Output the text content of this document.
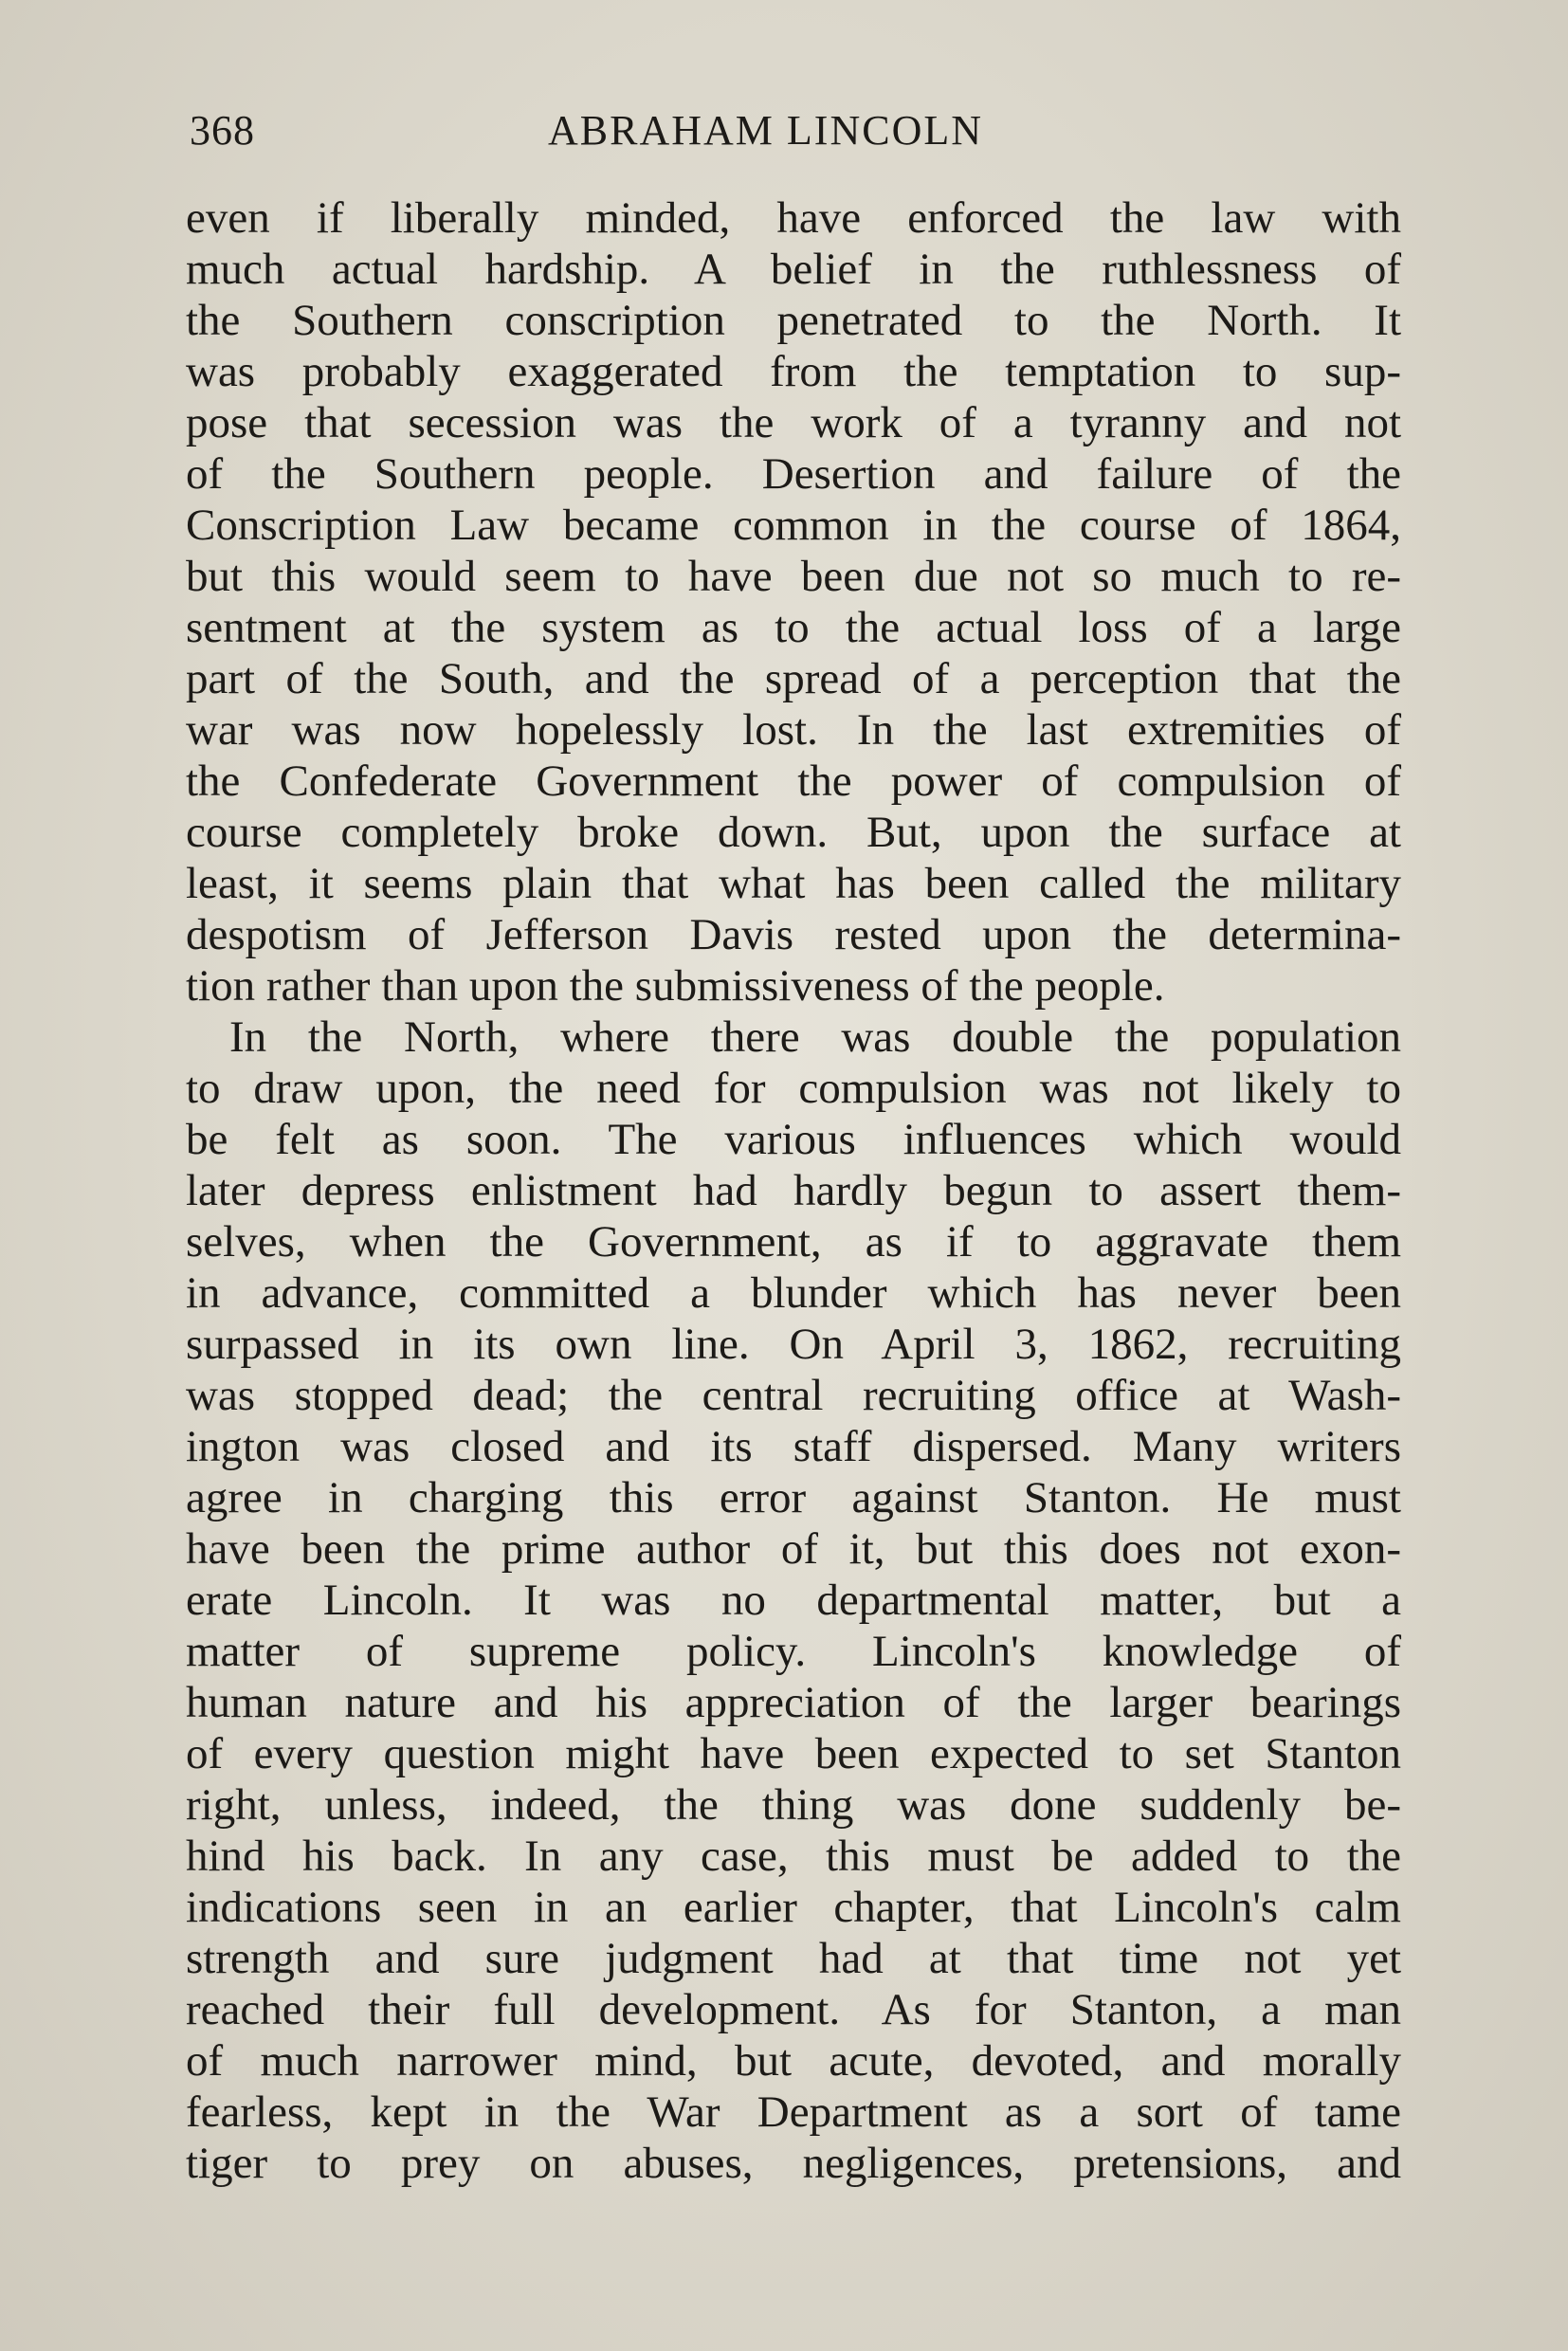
368	ABRAHAM LINCOLN
even if liberally minded, have enforced the law with
much actual hardship. A belief in the ruthlessness of
the Southern conscription penetrated to the North. It
was probably exaggerated from the temptation to sup-
pose that secession was the work of a tyranny and not
of the Southern people. Desertion and failure of the
Conscription Law became common in the course of 1864,
but this would seem to have been due not so much to re-
sentment at the system as to the actual loss of a large
part of the South, and the spread of a perception that the
war was now hopelessly lost. In the last extremities of
the Confederate Government the power of compulsion of
course completely broke down. But, upon the surface at
least, it seems plain that what has been called the military
despotism of Jefferson Davis rested upon the determina-
tion rather than upon the submissiveness of the people.
In the North, where there was double the population
to draw upon, the need for compulsion was not likely to
be felt as soon. The various influences which would
later depress enlistment had hardly begun to assert them-
selves, when the Government, as if to aggravate them
in advance, committed a blunder which has never been
surpassed in its own line. On April 3, 1862, recruiting
was stopped dead; the central recruiting office at Wash-
ington was closed and its staff dispersed. Many writers
agree in charging this error against Stanton. He must
have been the prime author of it, but this does not exon-
erate Lincoln. It was no departmental matter, but a
matter of supreme policy. Lincoln's knowledge of
human nature and his appreciation of the larger bearings
of every question might have been expected to set Stanton
right, unless, indeed, the thing was done suddenly be-
hind his back. In any case, this must be added to the
indications seen in an earlier chapter, that Lincoln's calm
strength and sure judgment had at that time not yet
reached their full development. As for Stanton, a man
of much narrower mind, but acute, devoted, and morally
fearless, kept in the War Department as a sort of tame
tiger to prey on abuses, negligences, pretensions, and
